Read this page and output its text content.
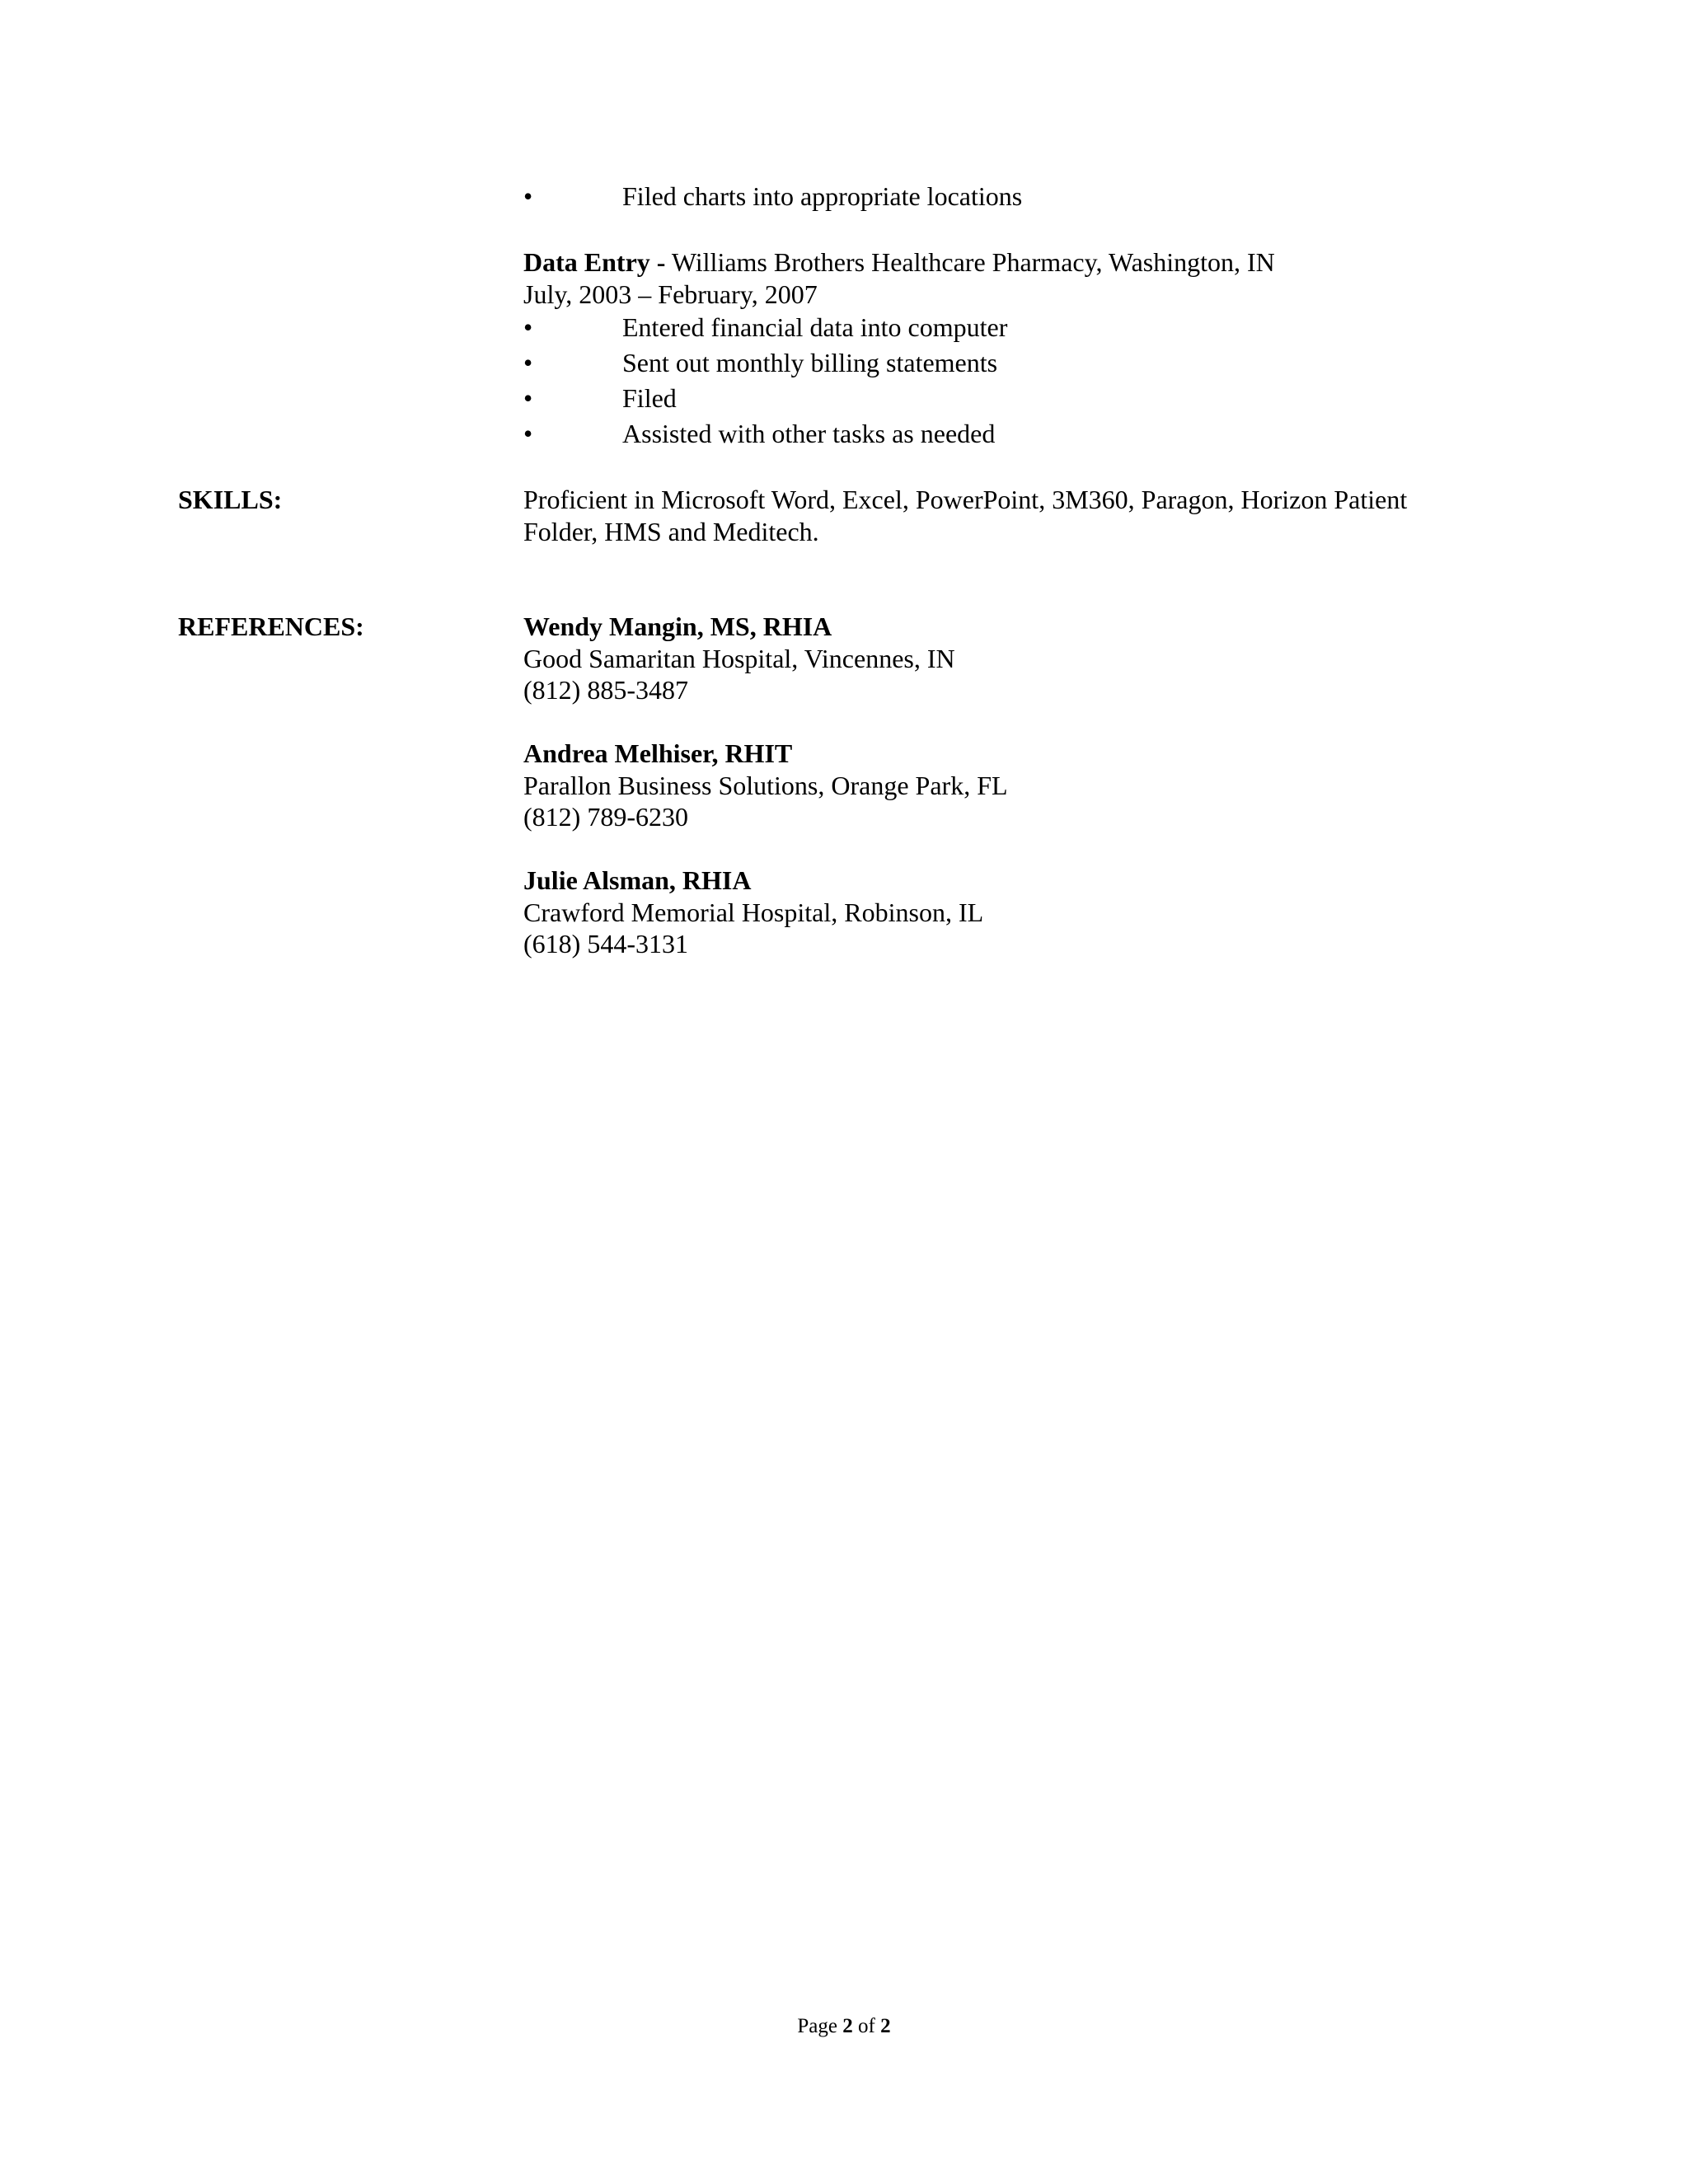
•	Filed charts into appropriate locations
Data Entry - Williams Brothers Healthcare Pharmacy, Washington, IN
July, 2003 – February, 2007
•	Entered financial data into computer
•	Sent out monthly billing statements
•	Filed
•	Assisted with other tasks as needed
SKILLS:	Proficient in Microsoft Word, Excel, PowerPoint, 3M360, Paragon, Horizon Patient
Folder, HMS and Meditech.
REFERENCES:	Wendy Mangin, MS, RHIA
Good Samaritan Hospital, Vincennes, IN
(812) 885-3487
Andrea Melhiser, RHIT
Parallon Business Solutions, Orange Park, FL
(812) 789-6230
Julie Alsman, RHIA
Crawford Memorial Hospital, Robinson, IL
(618) 544-3131
Page 2 of 2
